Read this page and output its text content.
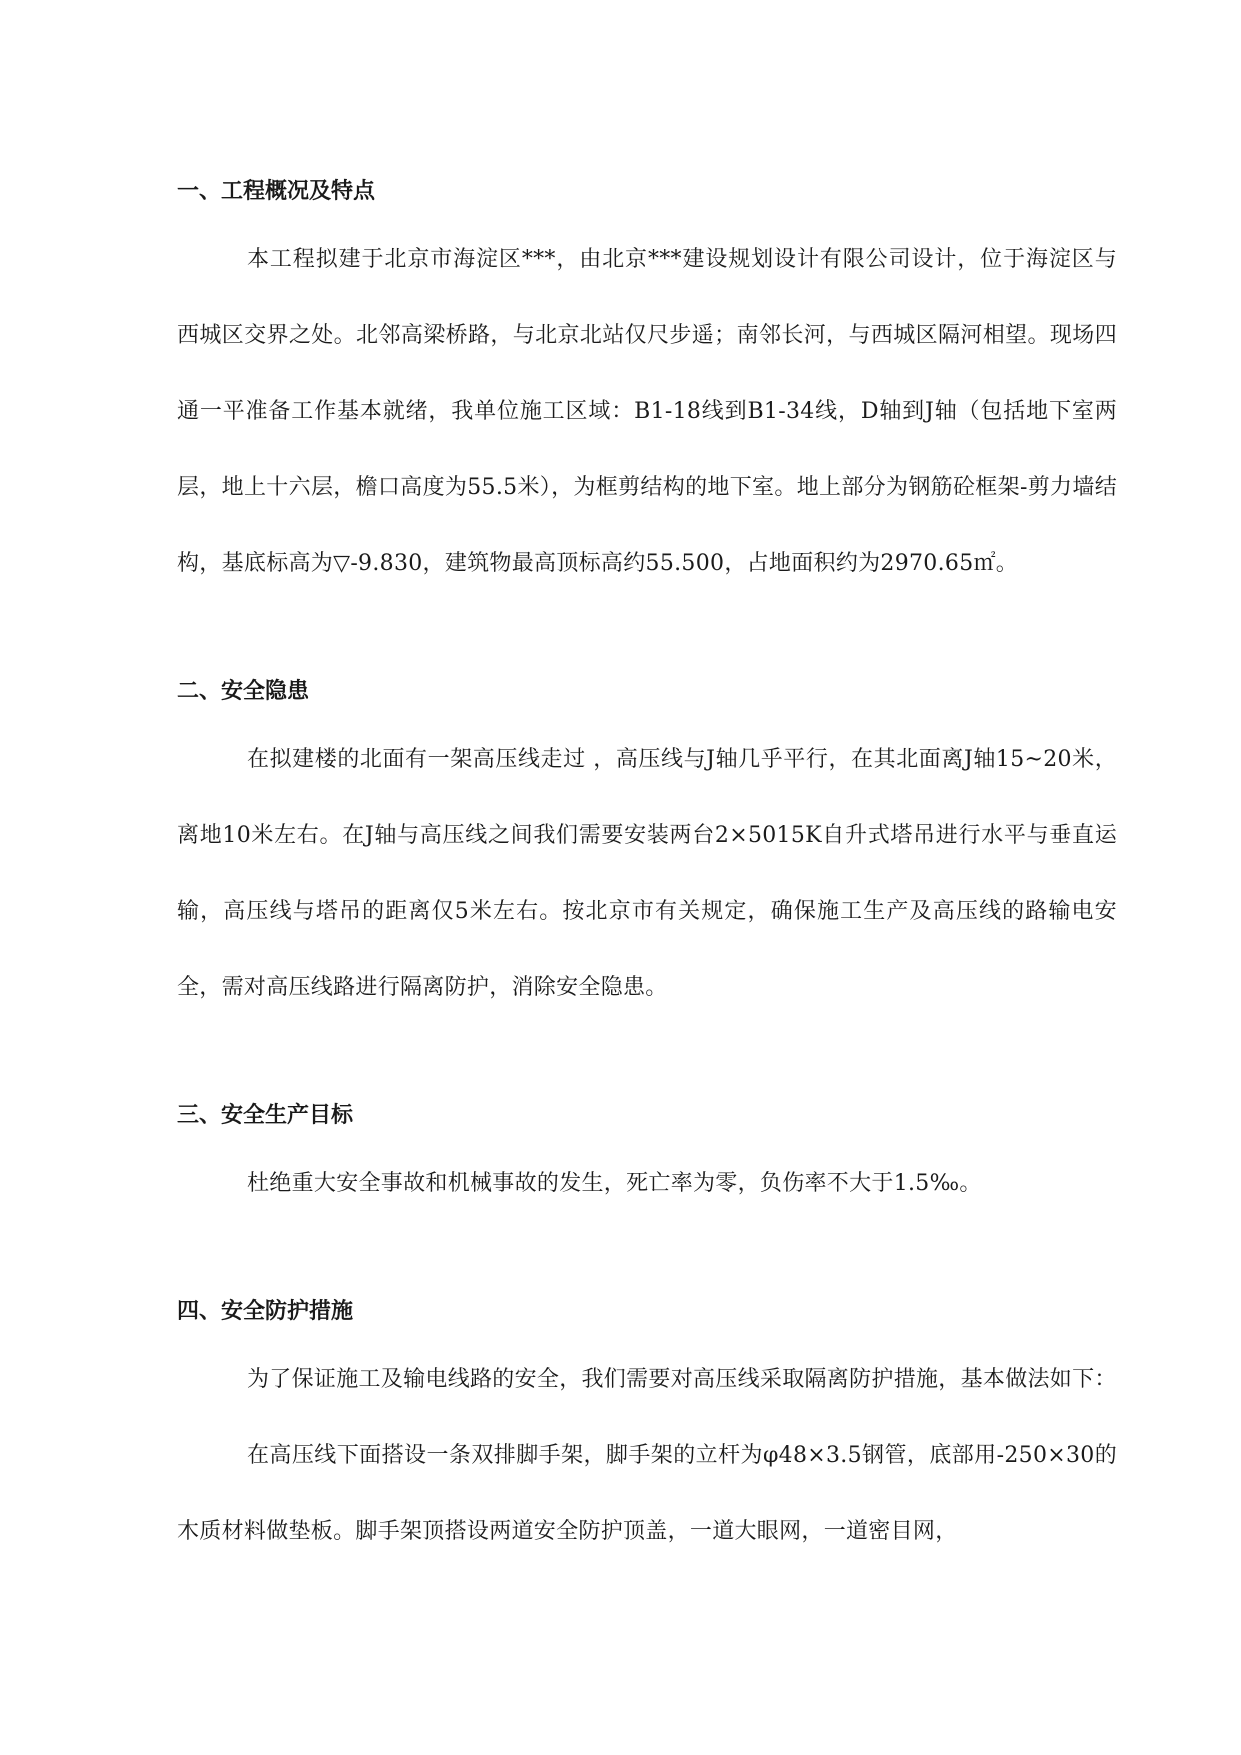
一、工程概况及特点

本工程拟建于北京市海淀区***，由北京***建设规划设计有限公司设计，位于海淀区与西城区交界之处。北邻高梁桥路，与北京北站仅尺步遥；南邻长河，与西城区隔河相望。现场四通一平准备工作基本就绪，我单位施工区域：B1-18线到B1-34线，D轴到J轴（包括地下室两层，地上十六层，檐口高度为55.5米），为框剪结构的地下室。地上部分为钢筋砼框架-剪力墙结构，基底标高为▽-9.830，建筑物最高顶标高约55.500，占地面积约为2970.65㎡。

二、安全隐患

在拟建楼的北面有一架高压线走过 ，高压线与J轴几乎平行，在其北面离J轴15~20米，离地10米左右。在J轴与高压线之间我们需要安装两台2×5015K自升式塔吊进行水平与垂直运输，高压线与塔吊的距离仅5米左右。按北京市有关规定，确保施工生产及高压线的路输电安全，需对高压线路进行隔离防护，消除安全隐患。

三、安全生产目标

杜绝重大安全事故和机械事故的发生，死亡率为零，负伤率不大于1.5‰。

四、安全防护措施

为了保证施工及输电线路的安全，我们需要对高压线采取隔离防护措施，基本做法如下：

在高压线下面搭设一条双排脚手架，脚手架的立杆为φ48×3.5钢管，底部用-250×30的木质材料做垫板。脚手架顶搭设两道安全防护顶盖，一道大眼网，一道密目网，
